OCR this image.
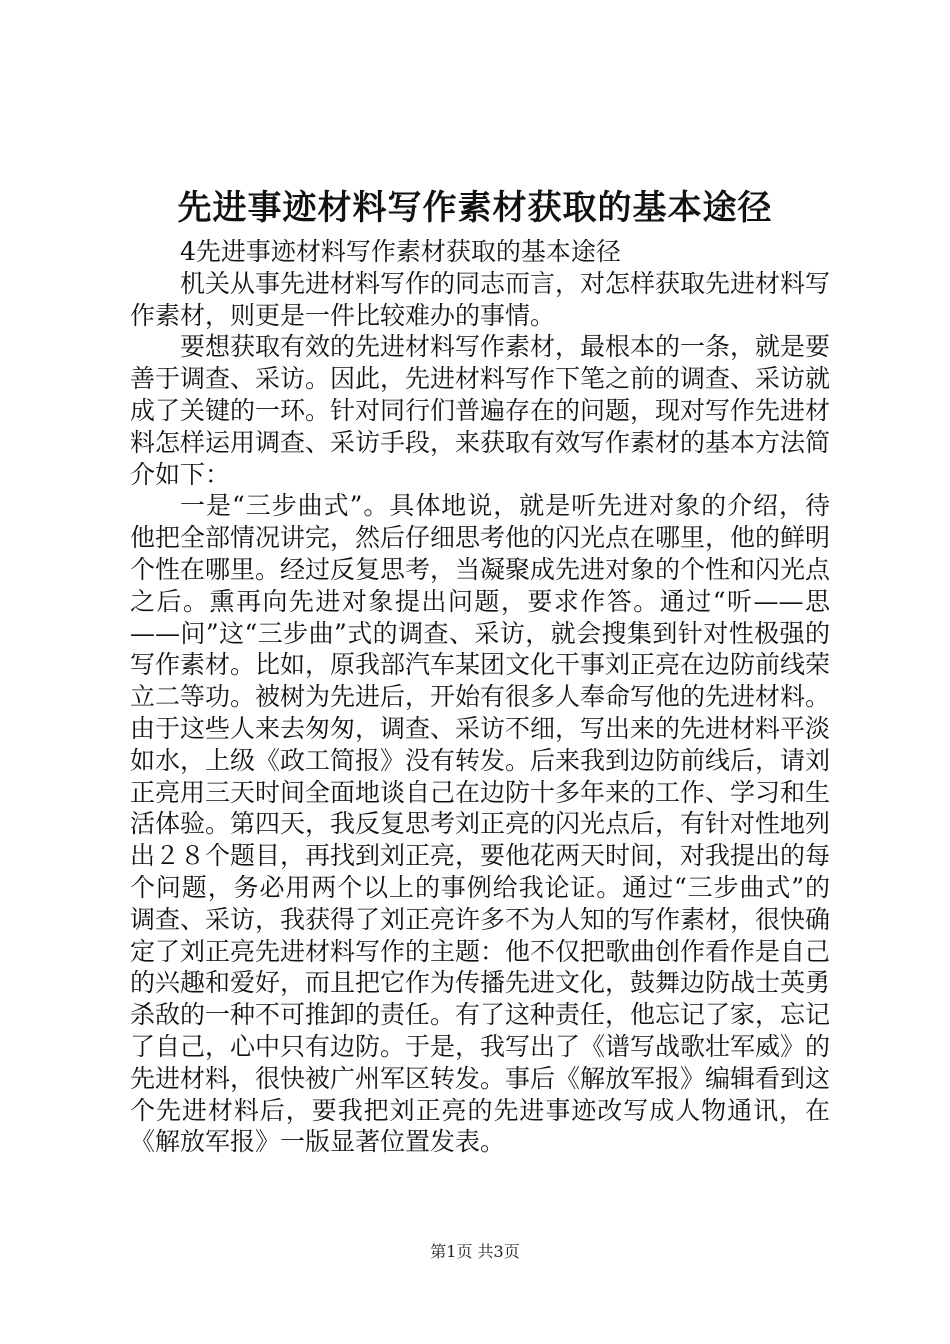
先进事迹材料写作素材获取的基本途径

4先进事迹材料写作素材获取的基本途径

机关从事先进材料写作的同志而言，对怎样获取先进材料写作素材，则更是一件比较难办的事情。

要想获取有效的先进材料写作素材，最根本的一条，就是要善于调查、采访。因此，先进材料写作下笔之前的调查、采访就成了关键的一环。针对同行们普遍存在的问题，现对写作先进材料怎样运用调查、采访手段，来获取有效写作素材的基本方法简介如下：

一是“三步曲式”。具体地说，就是听先进对象的介绍，待他把全部情况讲完，然后仔细思考他的闪光点在哪里，他的鲜明个性在哪里。经过反复思考，当凝聚成先进对象的个性和闪光点之后。熏再向先进对象提出问题，要求作答。通过“听——思——问”这“三步曲”式的调查、采访，就会搜集到针对性极强的写作素材。比如，原我部汽车某团文化干事刘正亮在边防前线荣立二等功。被树为先进后，开始有很多人奉命写他的先进材料。由于这些人来去匆匆，调查、采访不细，写出来的先进材料平淡如水，上级《政工简报》没有转发。后来我到边防前线后，请刘正亮用三天时间全面地谈自己在边防十多年来的工作、学习和生活体验。第四天，我反复思考刘正亮的闪光点后，有针对性地列出２８个题目，再找到刘正亮，要他花两天时间，对我提出的每个问题，务必用两个以上的事例给我论证。通过“三步曲式”的调查、采访，我获得了刘正亮许多不为人知的写作素材，很快确定了刘正亮先进材料写作的主题：他不仅把歌曲创作看作是自己的兴趣和爱好，而且把它作为传播先进文化，鼓舞边防战士英勇杀敌的一种不可推卸的责任。有了这种责任，他忘记了家，忘记了自己，心中只有边防。于是，我写出了《谱写战歌壮军威》的先进材料，很快被广州军区转发。事后《解放军报》编辑看到这个先进材料后，要我把刘正亮的先进事迹改写成人物通讯，在《解放军报》一版显著位置发表。

第1页 共3页
